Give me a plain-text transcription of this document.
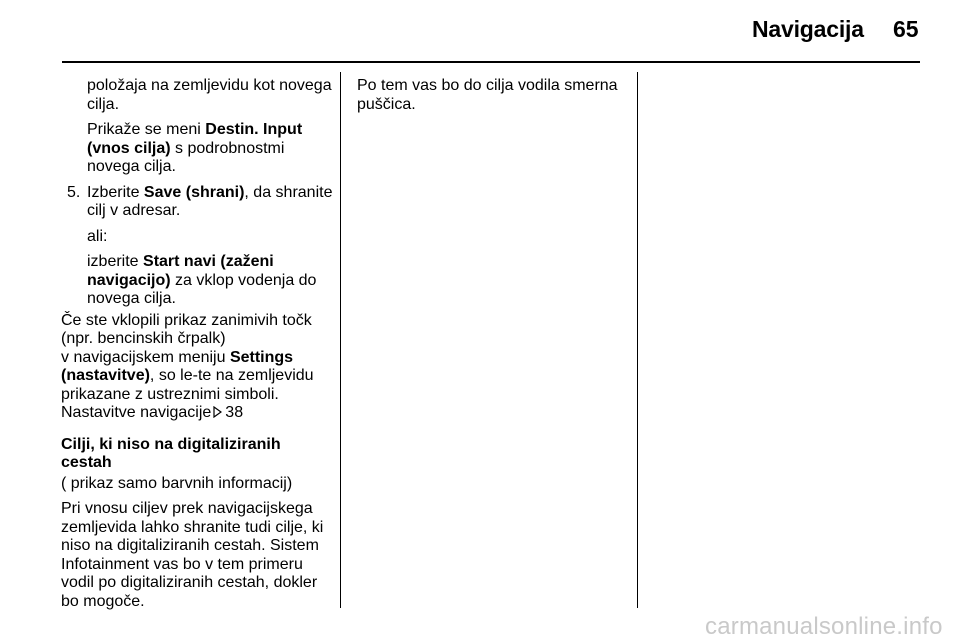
Navigacija 65

položaja na zemljevidu kot novega cilja.

Prikaže se meni Destin. Input (vnos cilja) s podrobnostmi novega cilja.

5. Izberite Save (shrani), da shranite cilj v adresar.

ali:

izberite Start navi (zaženi navigacijo) za vklop vodenja do novega cilja.

Če ste vklopili prikaz zanimivih točk (npr. bencinskih črpalk)
v navigacijskem meniju Settings (nastavitve), so le-te na zemljevidu prikazane z ustreznimi simboli.
Nastavitve navigacije 38

Cilji, ki niso na digitaliziranih cestah

( prikaz samo barvnih informacij)

Pri vnosu ciljev prek navigacijskega zemljevida lahko shranite tudi cilje, ki niso na digitaliziranih cestah. Sistem Infotainment vas bo v tem primeru vodil po digitaliziranih cestah, dokler bo mogoče.

Po tem vas bo do cilja vodila smerna puščica.

carmanualsonline.info
